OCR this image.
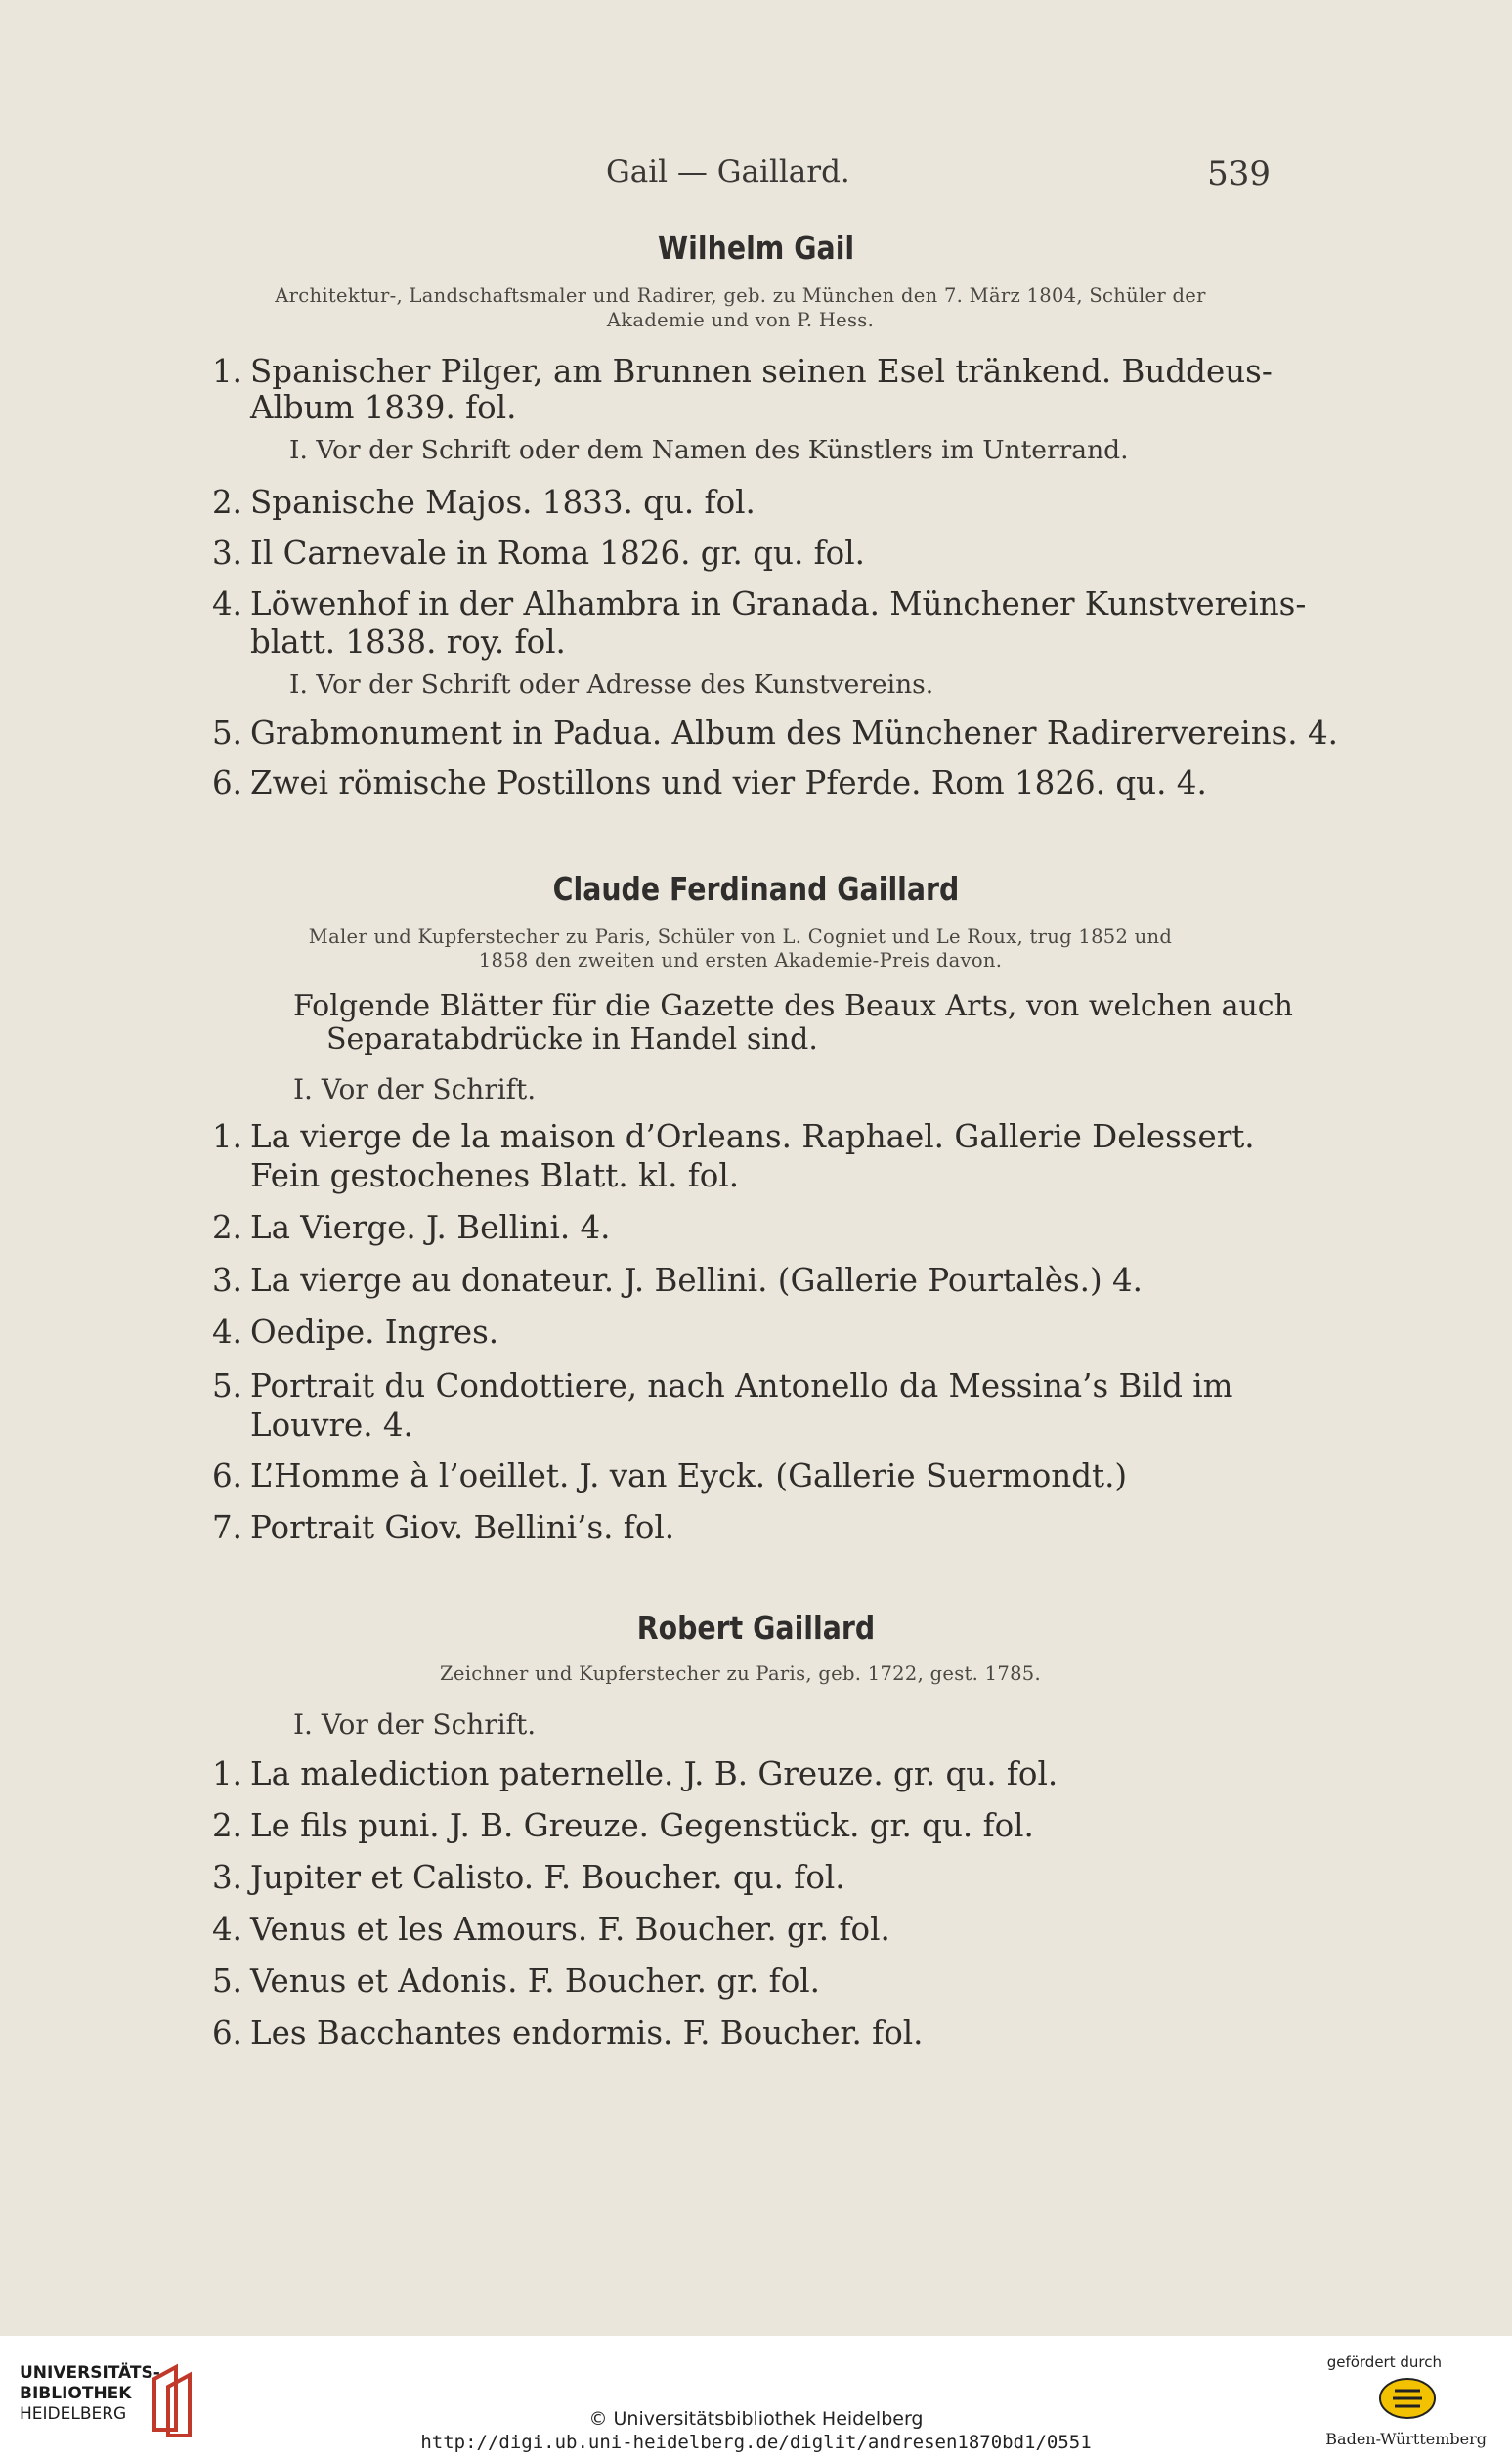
Gail — Gaillard.	539
Wilhelm Gail
Architektur-, Landschaftsmaler und Radirer, geb. zu München den 7. März 1804, Schüler der
Akademie und von P. Hess.
1. Spanischer Pilger, am Brunnen seinen Esel tränkend. Buddeus-
Album 1839. fol.
I. Vor der Schrift oder dem Namen des Künstlers im Unterrand.
2. Spanische Majos. 1833. qu. fol.
3. Il Carnevale in Roma 1826. gr. qu. fol.
4. Löwenhof in der Alhambra in Granada. Münchener Kunstvereins-
blatt. 1838. roy. fol.
I. Vor der Schrift oder Adresse des Kunstvereins.
5. Grabmonument in Padua. Album des Münchener Radirervereins. 4.
6. Zwei römische Postillons und vier Pferde. Rom 1826. qu. 4.
Claude Ferdinand Gaillard
Maler und Kupferstecher zu Paris, Schüler von L. Cogniet und Le Roux, trug 1852 und
1858 den zweiten und ersten Akademie-Preis davon.
Folgende Blätter für die Gazette des Beaux Arts, von welchen auch
Separatabdrücke in Handel sind.
I. Vor der Schrift.
1. La vierge de la maison d’Orleans. Raphael. Gallerie Delessert.
Fein gestochenes Blatt. kl. fol.
2. La Vierge. J. Bellini. 4.
3. La vierge au donateur. J. Bellini. (Gallerie Pourtalès.) 4.
4. Oedipe. Ingres.
5. Portrait du Condottiere, nach Antonello da Messina’s Bild im
Louvre. 4.
6. L’Homme à l’oeillet. J. van Eyck. (Gallerie Suermondt.)
7. Portrait Giov. Bellini’s. fol.
Robert Gaillard
Zeichner und Kupferstecher zu Paris, geb. 1722, gest. 1785.
I. Vor der Schrift.
1. La malediction paternelle. J. B. Greuze. gr. qu. fol.
2. Le fils puni. J. B. Greuze. Gegenstück. gr. qu. fol.
3. Jupiter et Calisto. F. Boucher. qu. fol.
4. Venus et les Amours. F. Boucher. gr. fol.
5. Venus et Adonis. F. Boucher. gr. fol.
6. Les Bacchantes endormis. F. Boucher. fol.
UNIVERSITÄTS-
BIBLIOTHEK
HEIDELBERG	© Universitätsbibliothek Heidelberg
http://digi.ub.uni-heidelberg.de/diglit/andresen1870bd1/0551
gefördert durch
Baden-Württemberg
